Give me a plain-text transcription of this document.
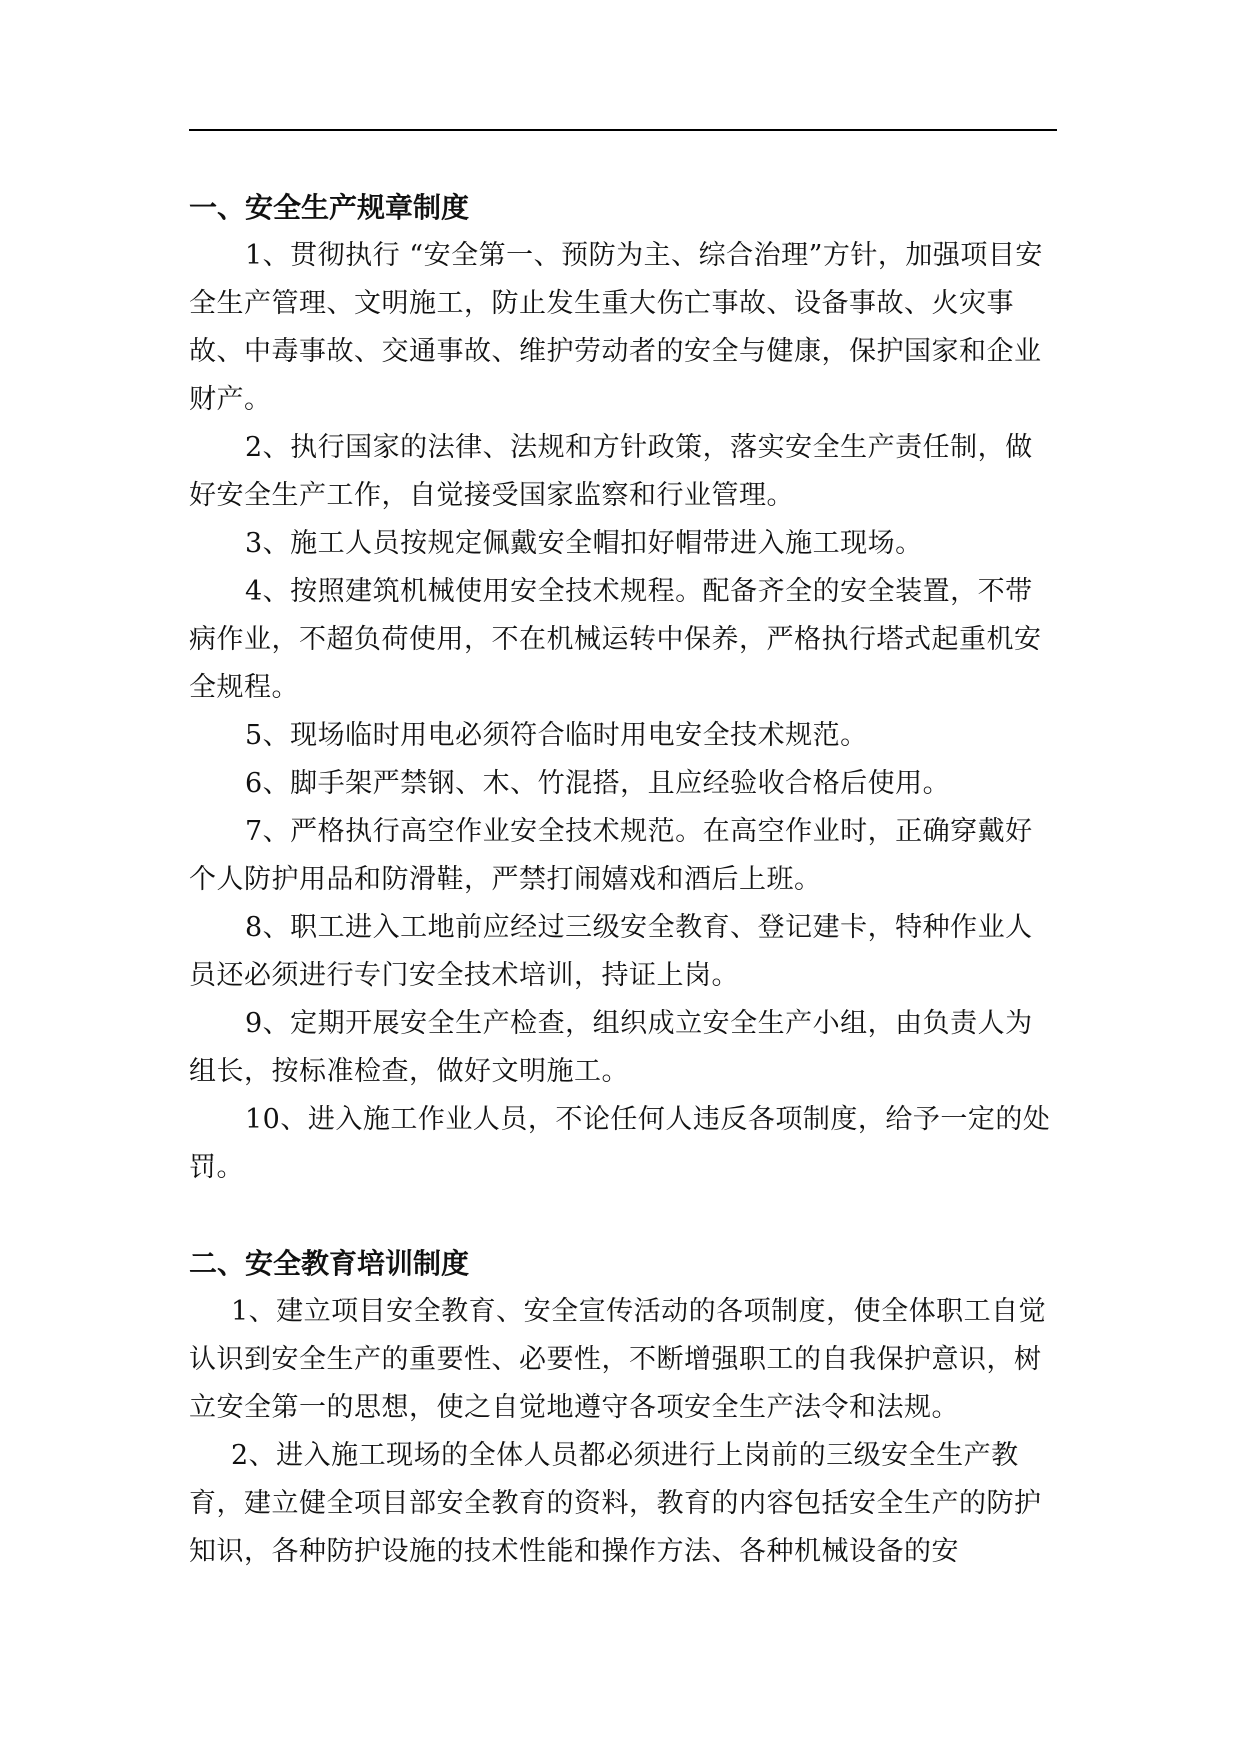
一、安全生产规章制度

1、贯彻执行 “安全第一、预防为主、综合治理”方针，加强项目安全生产管理、文明施工，防止发生重大伤亡事故、设备事故、火灾事故、中毒事故、交通事故、维护劳动者的安全与健康，保护国家和企业财产。

2、执行国家的法律、法规和方针政策，落实安全生产责任制，做好安全生产工作，自觉接受国家监察和行业管理。

3、施工人员按规定佩戴安全帽扣好帽带进入施工现场。

4、按照建筑机械使用安全技术规程。配备齐全的安全装置，不带病作业，不超负荷使用，不在机械运转中保养，严格执行塔式起重机安全规程。

5、现场临时用电必须符合临时用电安全技术规范。

6、脚手架严禁钢、木、竹混搭，且应经验收合格后使用。

7、严格执行高空作业安全技术规范。在高空作业时，正确穿戴好个人防护用品和防滑鞋，严禁打闹嬉戏和酒后上班。

8、职工进入工地前应经过三级安全教育、登记建卡，特种作业人员还必须进行专门安全技术培训，持证上岗。

9、定期开展安全生产检查，组织成立安全生产小组，由负责人为组长，按标准检查，做好文明施工。

10、进入施工作业人员，不论任何人违反各项制度，给予一定的处罚。

二、安全教育培训制度

1、建立项目安全教育、安全宣传活动的各项制度，使全体职工自觉认识到安全生产的重要性、必要性，不断增强职工的自我保护意识，树立安全第一的思想，使之自觉地遵守各项安全生产法令和法规。

2、进入施工现场的全体人员都必须进行上岗前的三级安全生产教育，建立健全项目部安全教育的资料，教育的内容包括安全生产的防护知识，各种防护设施的技术性能和操作方法、各种机械设备的安
